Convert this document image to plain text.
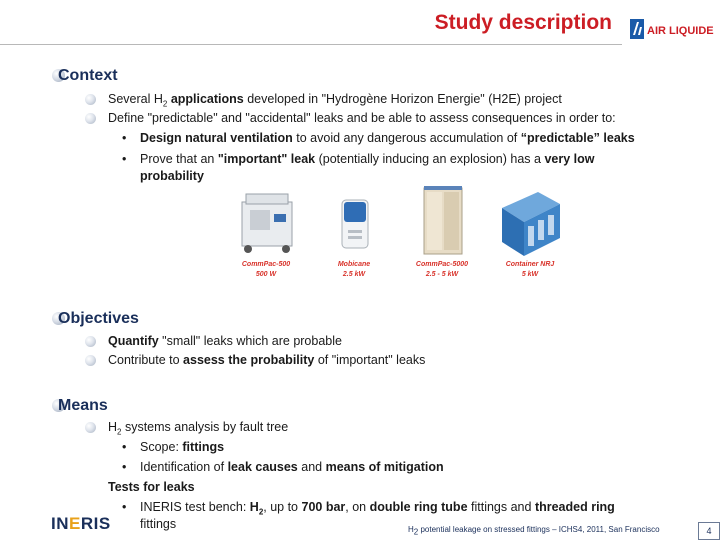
Study description	AIR LIQUIDE
Context
Several $H_2$ applications developed in "Hydrogène Horizon Energie" (H2E) project
Define "predictable" and "accidental" leaks and be able to assess consequences in order to:
• Design natural ventilation to avoid any dangerous accumulation of “predictable” leaks
• Prove that an "important" leak (potentially inducing an explosion) has a very low
probability
CommPac-500
500 W
Mobicane
2.5 kW
CommPac-5000
2.5 - 5 kW
Container NRJ
5 kW
Objectives
Quantify "small" leaks which are probable
Contribute to assess the probability of "important" leaks
Means
$H_2$ systems analysis by fault tree
• Scope: fittings
• Identification of leak causes and means of mitigation
Tests for leaks
• INERIS test bench: $H_2$, up to 700 bar, on double ring tube fittings and threaded ring
fittings
INERIS	$H_2$ potential leakage on stressed fittings – ICHS4, 2011, San Francisco	4
